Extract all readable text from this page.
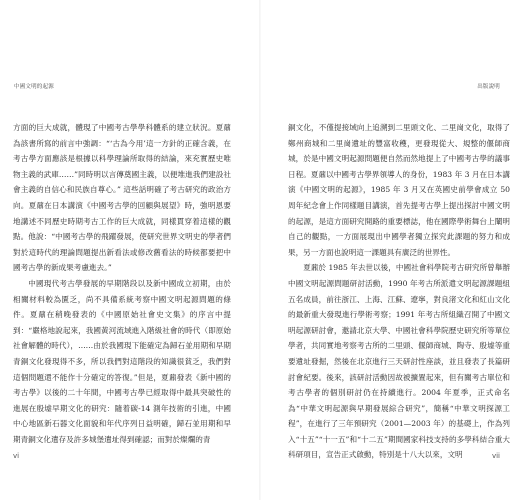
中國文明的起源

方面的巨大成就，體現了中國考古學學科體系的建立狀況。夏鼐為該書所寫的前言中強調：“‘古為今用’這一方針的正確含義，在考古學方面應該是根據以科學理論所取得的結論，來充實歷史唯物主義的武庫……”同時明以言傳奠國主義，以便堆進我們建設社會主義的自信心和民族自尊心。” 這些話明確了考古研究的政治方向。夏鼐在日本講演《中國考古學的回顧與展望》時，強明恩要地講述不同歷史時期考古工作的巨大成就，同樣貫穿着這樣的觀點。他說：“中國考古學的飛躍發展，使研究世界文明史的學者們對於這時代的理論問題提出新看法或修改舊看法的時候都要把中國考古學的新成果考慮進去。”

中國現代考古學發展的早期階段以及新中國成立初期，由於相關材料較為匱乏，尚不具備系統考察中國文明起源問題的條件。夏鼐在稍晚發表的《中國原始社會史文集》的序言中提到：“嚴格地說起來，我國黃河流域進入階級社會的時代（即原始社會解體的時代），……由於我國現下能確定為歸石並用期和早期青銅文化發現得不多，所以我們對這階段的知識很貧乏，我們對這個問題還不能作十分確定的答復。”但是，夏鼐發表《新中國的考古學》以後的二十年間，中國考古學已經取得中最具突破性的進展在殷墟早期文化的研究：隨着碳-14 測年技術的引進，中國中心地區新石器文化面貌和年代序列日益明確，歸石並用期和早期青銅文化遺存及許多城堡遺址得到確認；而對於燦爛的青

vi
出版說明

銅文化，不僅提接域向上追溯到二里頭文化、二里崗文化，取得了鄭州商城和二里崗遺址的豐富收穫，更發現從大、規整的偃師商城，於是中國文明起源問題便自然而然地提上了中國考古學的議事日程。夏鼐以中國考古學界領導人的身份，1983 年 3 月在日本講演《中國文明的起源》，1985 年 3 月又在英國史前學會成立 50 周年紀念會上作同樣題目講演，首先提考古學上提出探討中國文明的起源，是這方面研究開路的重要標誌，他在國際學術舞台上闡明自己的觀點，一方面展現出中國學者獨立探究此課題的努力和成果，另一方面也說明這一課題具有廣泛的世界性。

夏鼐於 1985 年去世以後，中國社會科學院考古研究所曾舉辦中國文明起源問題研討活動，1990 年考古所派遣文明起源課題組五名成員，前往浙江、上海、江蘇、遼寧，對良渚文化和紅山文化的最新重大發現進行學術考察；1991 年考古所組織召開了中國文明起源研討會，邀請北京大學、中國社會科學院歷史研究所等單位學者，共同實地考察考古所的二里頭、偃師商城、陶寺、殷墟等重要遺址發掘，然後在北京進行三天研討性座談，並且發表了長篇研討會紀要。後來，該研討活動因故被擴置起來，但有關考古單位和考古學者的個別研討仍在持續進行。2004 年夏季，正式命名為“中華文明起源與早期發展綜合研究”，簡稱“中華文明探源工程”，在進行了三年預研究（2001—2003 年）的基礎上，作為列入“十五”“十一五”和“十二五”期間國家科技支持的多學科結合重大科研項目，宣告正式啟動，特別是十八大以來，文明	vii
